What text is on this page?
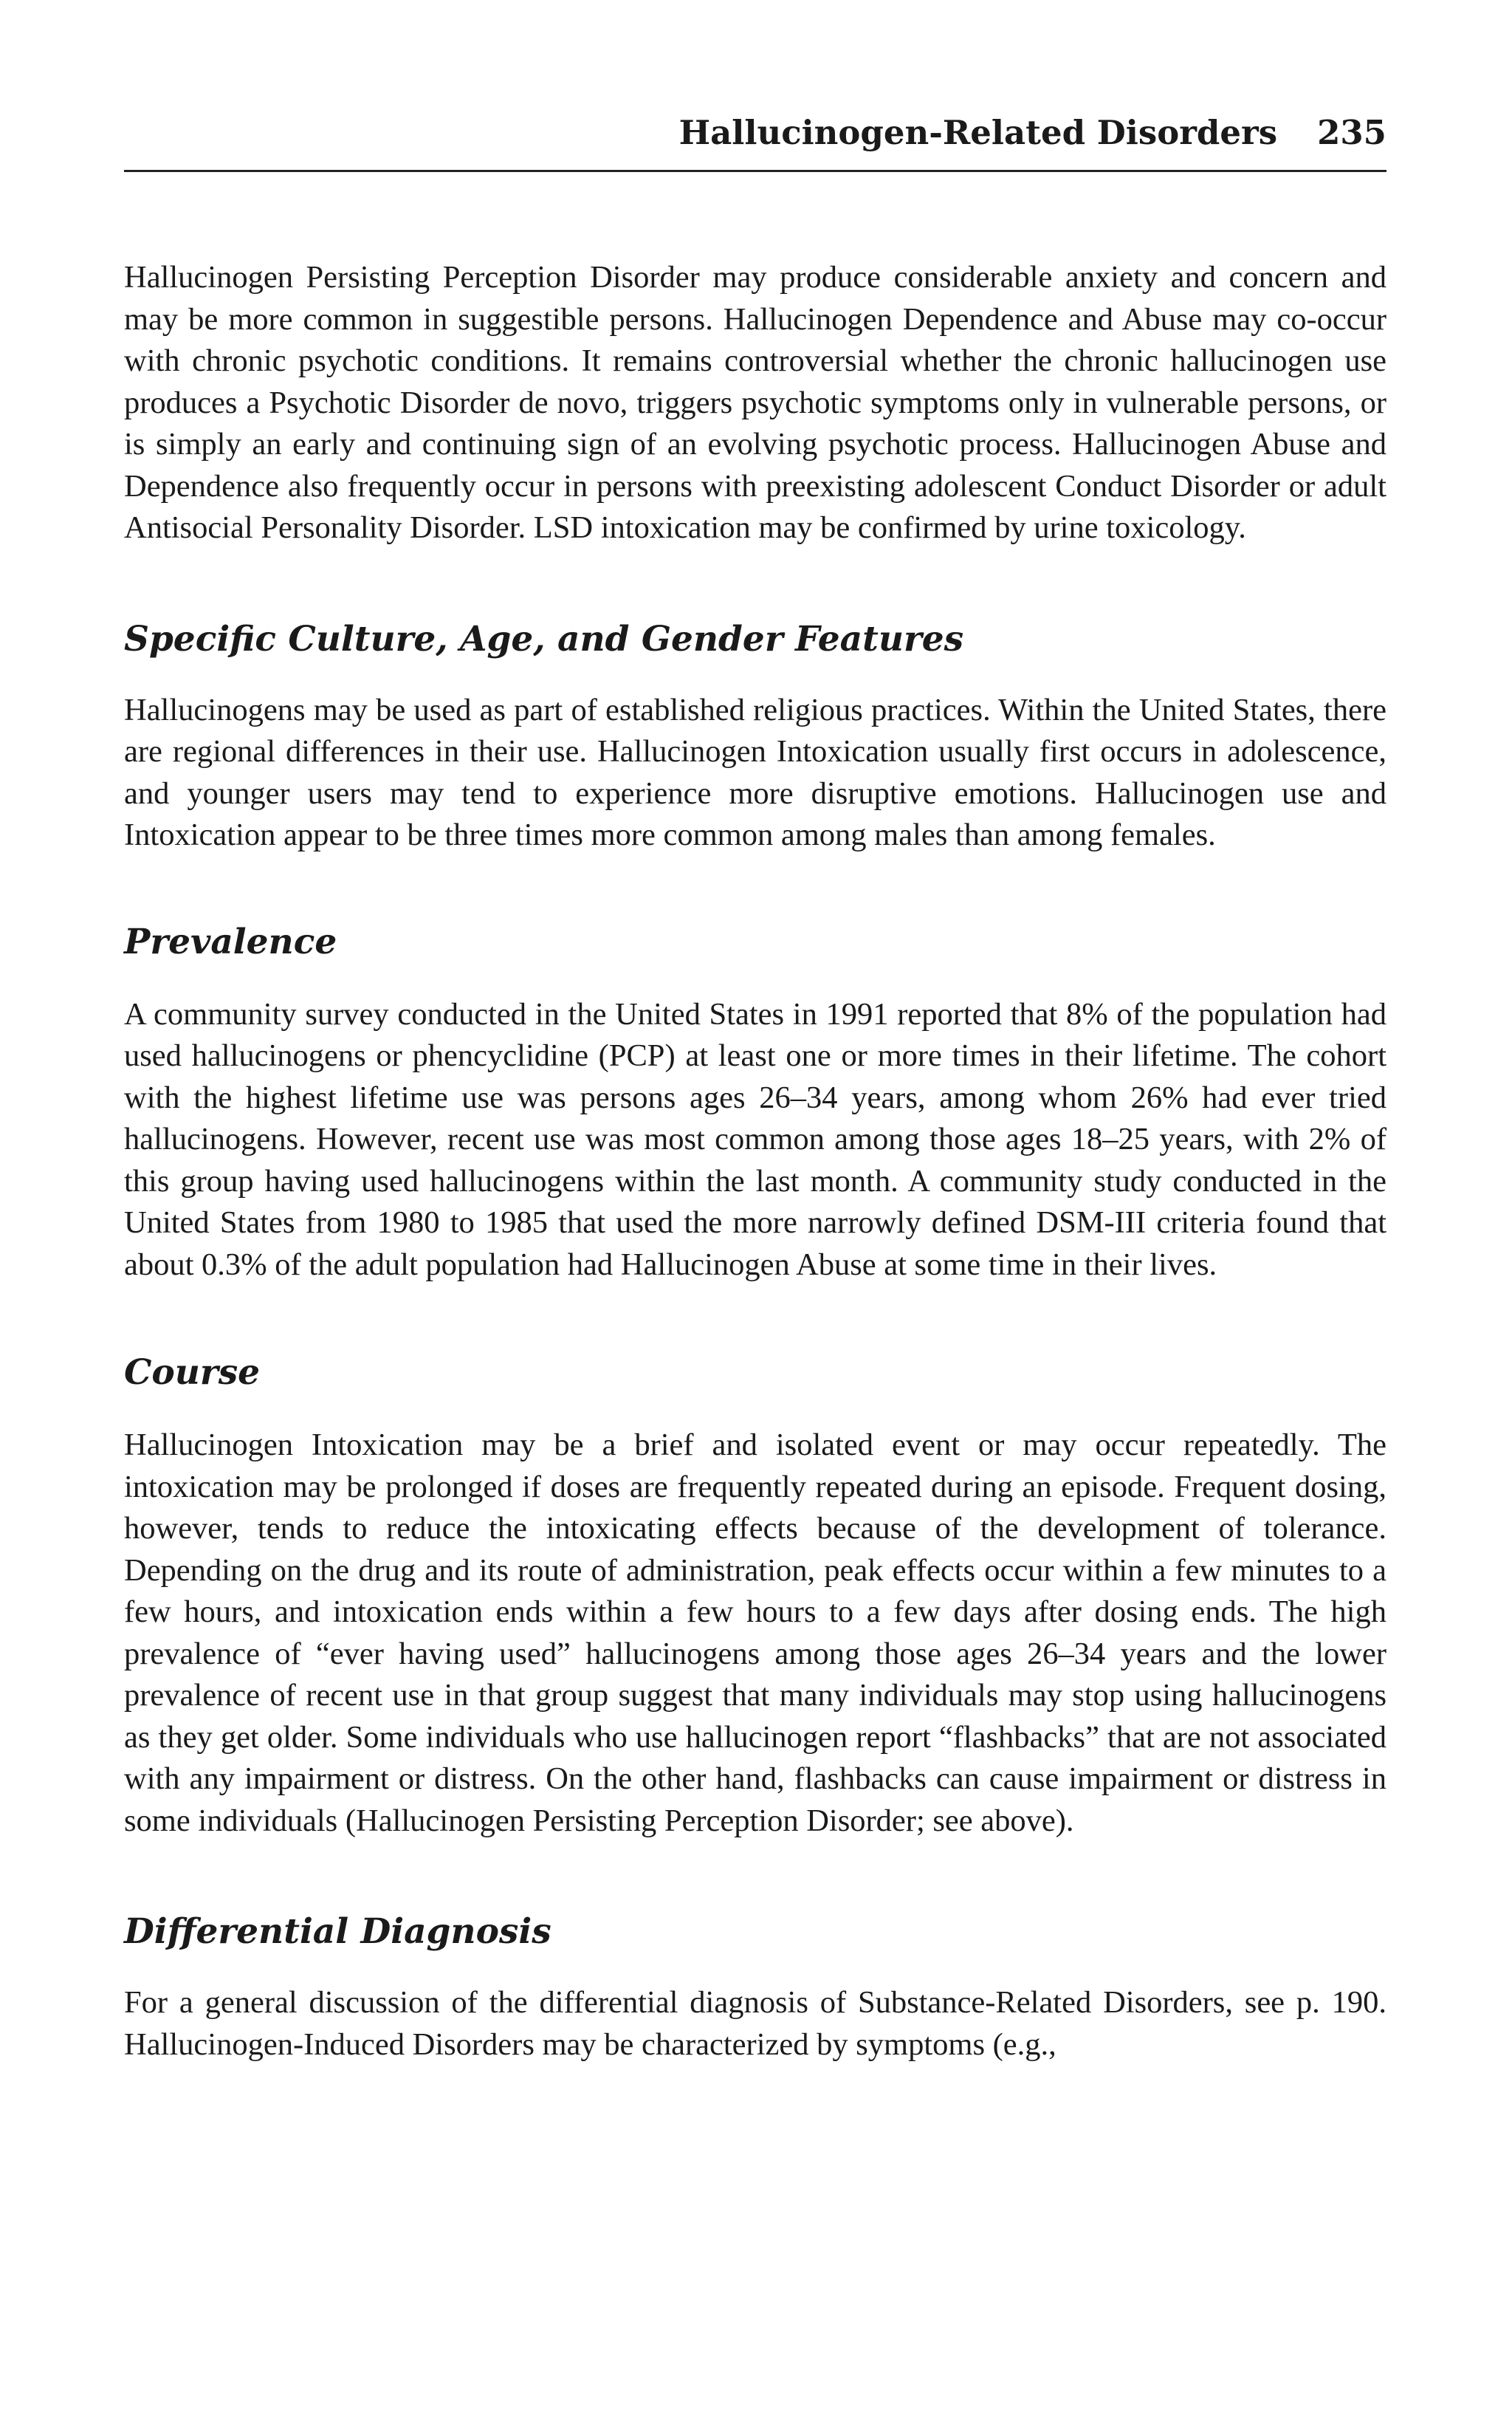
Hallucinogen-Related Disorders 235

Hallucinogen Persisting Perception Disorder may produce considerable anxiety and concern and may be more common in suggestible persons. Hallucinogen Dependence and Abuse may co-occur with chronic psychotic conditions. It remains controversial whether the chronic hallucinogen use produces a Psychotic Disorder de novo, triggers psychotic symptoms only in vulnerable persons, or is simply an early and continuing sign of an evolving psychotic process. Hallucinogen Abuse and Dependence also frequently occur in persons with preexisting adolescent Conduct Disorder or adult Antisocial Personality Disorder. LSD intoxication may be confirmed by urine toxicology.

Specific Culture, Age, and Gender Features

Hallucinogens may be used as part of established religious practices. Within the United States, there are regional differences in their use. Hallucinogen Intoxication usually first occurs in adolescence, and younger users may tend to experience more disruptive emotions. Hallucinogen use and Intoxication appear to be three times more common among males than among females.

Prevalence

A community survey conducted in the United States in 1991 reported that 8% of the population had used hallucinogens or phencyclidine (PCP) at least one or more times in their lifetime. The cohort with the highest lifetime use was persons ages 26–34 years, among whom 26% had ever tried hallucinogens. However, recent use was most common among those ages 18–25 years, with 2% of this group having used hallucinogens within the last month. A community study conducted in the United States from 1980 to 1985 that used the more narrowly defined DSM-III criteria found that about 0.3% of the adult population had Hallucinogen Abuse at some time in their lives.

Course

Hallucinogen Intoxication may be a brief and isolated event or may occur repeatedly. The intoxication may be prolonged if doses are frequently repeated during an episode. Frequent dosing, however, tends to reduce the intoxicating effects because of the development of tolerance. Depending on the drug and its route of administration, peak effects occur within a few minutes to a few hours, and intoxication ends within a few hours to a few days after dosing ends. The high prevalence of “ever having used” hallucinogens among those ages 26–34 years and the lower prevalence of recent use in that group suggest that many individuals may stop using hallucinogens as they get older. Some individuals who use hallucinogen report “flashbacks” that are not associated with any impairment or distress. On the other hand, flashbacks can cause impairment or distress in some individuals (Hallucinogen Persisting Perception Disorder; see above).

Differential Diagnosis

For a general discussion of the differential diagnosis of Substance-Related Disorders, see p. 190. Hallucinogen-Induced Disorders may be characterized by symptoms (e.g.,
